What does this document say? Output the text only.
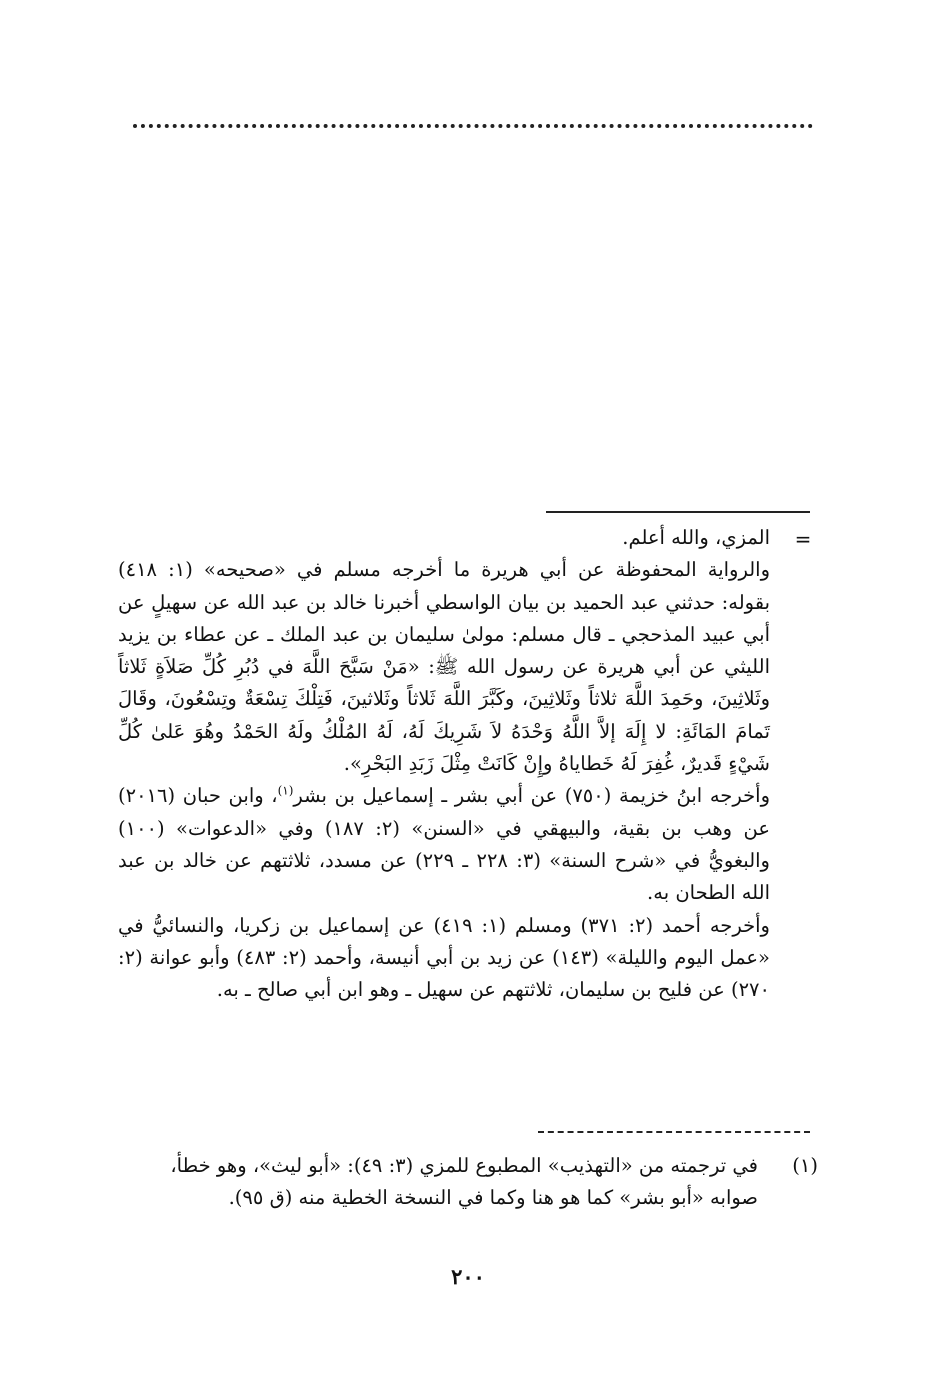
=

المزي، والله أعلم.

والرواية المحفوظة عن أبي هريرة ما أخرجه مسلم في «صحيحه» (١: ٤١٨) بقوله: حدثني عبد الحميد بن بيان الواسطي أخبرنا خالد بن عبد الله عن سهيلٍ عن أبي عبيد المذحجي ـ قال مسلم: مولىٰ سليمان بن عبد الملك ـ عن عطاء بن يزيد الليثي عن أبي هريرة عن رسول الله ﷺ: «مَنْ سَبَّحَ اللَّهَ في دُبُرِ كُلِّ صَلاَةٍ ثَلاثاً وثَلاثِينَ، وحَمِدَ اللَّهَ ثلاثاً وثَلاثِينَ، وكَبَّرَ اللَّهَ ثَلاثاً وثَلاثينَ، فَتِلْكَ تِسْعَةٌ وتِسْعُونَ، وقَالَ تَمامَ المَائَةِ: لا إِلَهَ إلاَّ اللَّهُ وَحْدَهُ لاَ شَرِيكَ لَهُ، لَهُ المُلْكُ ولَهُ الحَمْدُ وهُوَ عَلىٰ كُلِّ شَيْءٍ قَديرٌ، غُفِرَ لَهُ خَطاياهُ وإِنْ كَانَتْ مِثْلَ زَبَدِ البَحْرِ».

وأخرجه ابنُ خزيمة (٧٥٠) عن أبي بشر ـ إسماعيل بن بشر$^{(١)}$، وابن حبان (٢٠١٦) عن وهب بن بقية، والبيهقي في «السنن» (٢: ١٨٧) وفي «الدعوات» (١٠٠) والبغويُّ في «شرح السنة» (٣: ٢٢٨ ـ ٢٢٩) عن مسدد، ثلاثتهم عن خالد بن عبد الله الطحان به.

وأخرجه أحمد (٢: ٣٧١) ومسلم (١: ٤١٩) عن إسماعيل بن زكريا، والنسائيُّ في «عمل اليوم والليلة» (١٤٣) عن زيد بن أبي أنيسة، وأحمد (٢: ٤٨٣) وأبو عوانة (٢: ٢٧٠) عن فليح بن سليمان، ثلاثتهم عن سهيل ـ وهو ابن أبي صالح ـ به.

(١)
في ترجمته من «التهذيب» المطبوع للمزي (٣: ٤٩): «أبو ليث»، وهو خطأ، صوابه «أبو بشر» كما هو هنا وكما في النسخة الخطية منه (ق ٩٥).
٢٠٠
